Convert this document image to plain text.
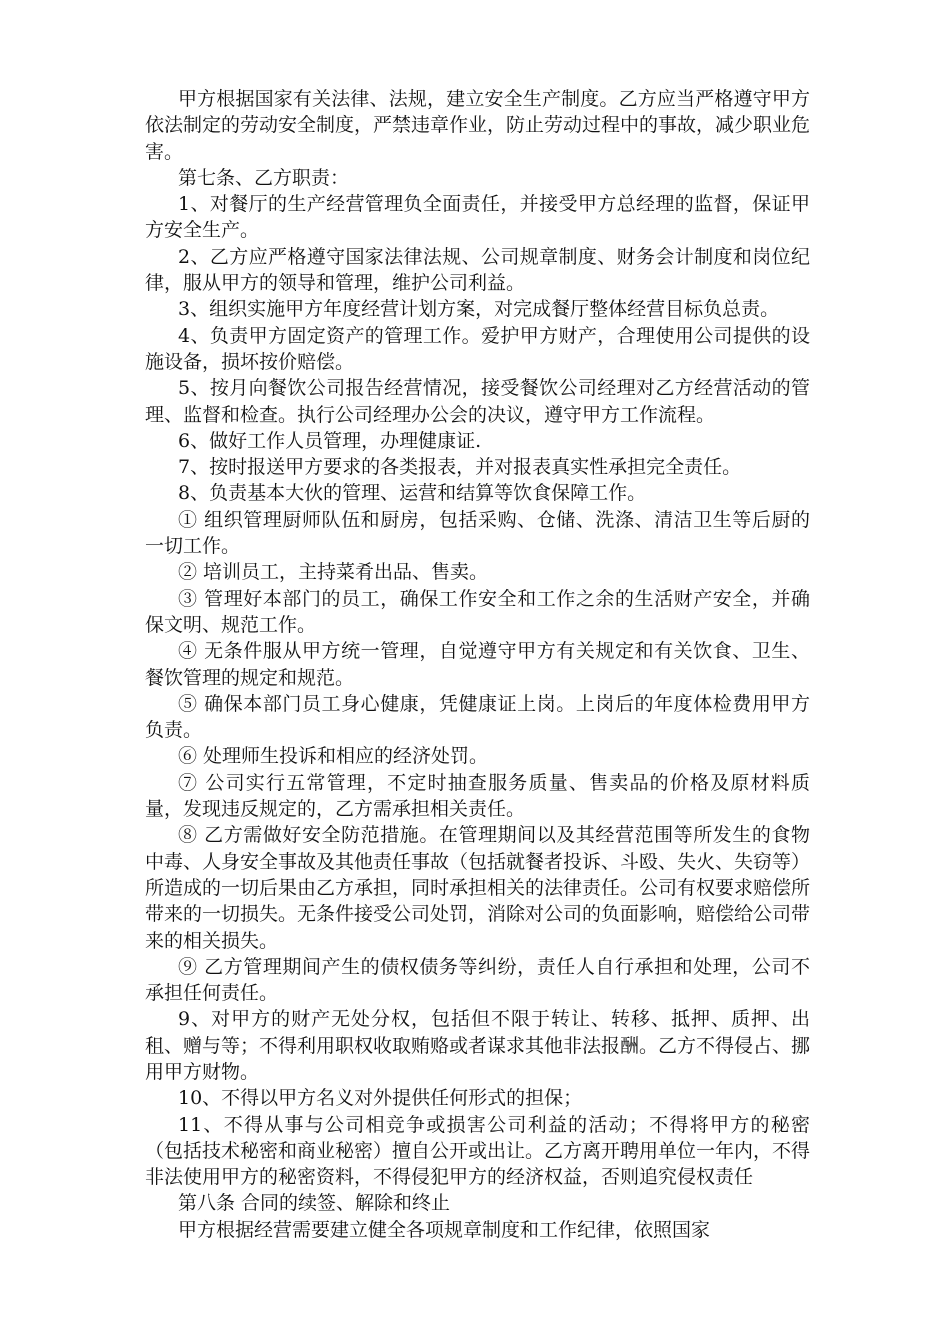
甲方根据国家有关法律、法规，建立安全生产制度。乙方应当严格遵守甲方依法制定的劳动安全制度，严禁违章作业，防止劳动过程中的事故，减少职业危害。

第七条、乙方职责：

1、对餐厅的生产经营管理负全面责任，并接受甲方总经理的监督，保证甲方安全生产。

2、乙方应严格遵守国家法律法规、公司规章制度、财务会计制度和岗位纪律，服从甲方的领导和管理，维护公司利益。

3、组织实施甲方年度经营计划方案，对完成餐厅整体经营目标负总责。

4、负责甲方固定资产的管理工作。爱护甲方财产，合理使用公司提供的设施设备，损坏按价赔偿。

5、按月向餐饮公司报告经营情况，接受餐饮公司经理对乙方经营活动的管理、监督和检查。执行公司经理办公会的决议，遵守甲方工作流程。

6、做好工作人员管理，办理健康证.

7、按时报送甲方要求的各类报表，并对报表真实性承担完全责任。

8、负责基本大伙的管理、运营和结算等饮食保障工作。

① 组织管理厨师队伍和厨房，包括采购、仓储、洗涤、清洁卫生等后厨的一切工作。

② 培训员工，主持菜肴出品、售卖。

③ 管理好本部门的员工，确保工作安全和工作之余的生活财产安全，并确保文明、规范工作。

④ 无条件服从甲方统一管理，自觉遵守甲方有关规定和有关饮食、卫生、餐饮管理的规定和规范。

⑤ 确保本部门员工身心健康，凭健康证上岗。上岗后的年度体检费用甲方负责。

⑥ 处理师生投诉和相应的经济处罚。

⑦ 公司实行五常管理，不定时抽查服务质量、售卖品的价格及原材料质量，发现违反规定的，乙方需承担相关责任。

⑧ 乙方需做好安全防范措施。在管理期间以及其经营范围等所发生的食物中毒、人身安全事故及其他责任事故（包括就餐者投诉、斗殴、失火、失窃等）所造成的一切后果由乙方承担，同时承担相关的法律责任。公司有权要求赔偿所带来的一切损失。无条件接受公司处罚，消除对公司的负面影响，赔偿给公司带来的相关损失。

⑨ 乙方管理期间产生的债权债务等纠纷，责任人自行承担和处理，公司不承担任何责任。

9、对甲方的财产无处分权，包括但不限于转让、转移、抵押、质押、出租、赠与等；不得利用职权收取贿赂或者谋求其他非法报酬。乙方不得侵占、挪用甲方财物。

10、不得以甲方名义对外提供任何形式的担保；

11、不得从事与公司相竞争或损害公司利益的活动；不得将甲方的秘密（包括技术秘密和商业秘密）擅自公开或出让。乙方离开聘用单位一年内，不得非法使用甲方的秘密资料，不得侵犯甲方的经济权益，否则追究侵权责任

第八条 合同的续签、解除和终止

甲方根据经营需要建立健全各项规章制度和工作纪律，依照国家
